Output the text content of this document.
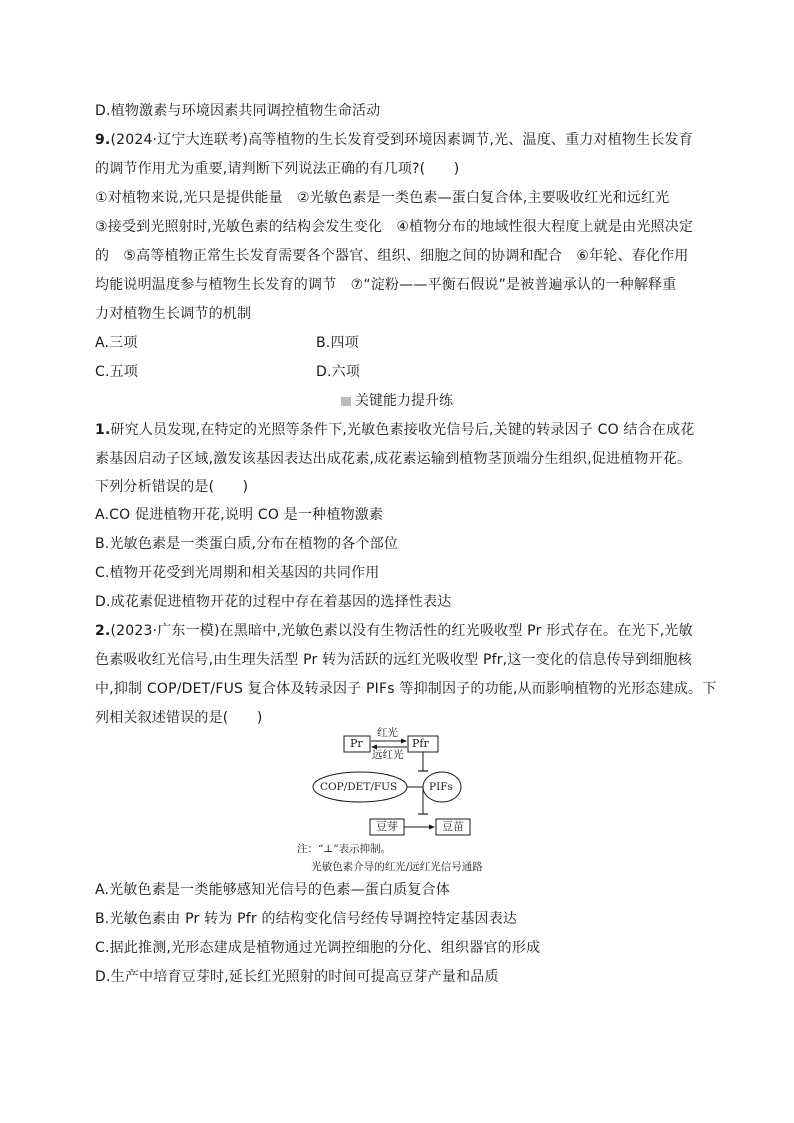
D.植物激素与环境因素共同调控植物生命活动
9.(2024·辽宁大连联考)高等植物的生长发育受到环境因素调节,光、温度、重力对植物生长发育
的调节作用尤为重要,请判断下列说法正确的有几项?(　　)
①对植物来说,光只是提供能量　②光敏色素是一类色素—蛋白复合体,主要吸收红光和远红光
③接受到光照射时,光敏色素的结构会发生变化　④植物分布的地域性很大程度上就是由光照决定
的　⑤高等植物正常生长发育需要各个器官、组织、细胞之间的协调和配合　⑥年轮、春化作用
均能说明温度参与植物生长发育的调节　⑦“淀粉——平衡石假说”是被普遍承认的一种解释重
力对植物生长调节的机制
A.三项	B.四项
C.五项	D.六项
关键能力提升练
1.研究人员发现,在特定的光照等条件下,光敏色素接收光信号后,关键的转录因子 CO 结合在成花
素基因启动子区域,激发该基因表达出成花素,成花素运输到植物茎顶端分生组织,促进植物开花。
下列分析错误的是(　　)
A.CO 促进植物开花,说明 CO 是一种植物激素
B.光敏色素是一类蛋白质,分布在植物的各个部位
C.植物开花受到光周期和相关基因的共同作用
D.成花素促进植物开花的过程中存在着基因的选择性表达
2.(2023·广东一模)在黑暗中,光敏色素以没有生物活性的红光吸收型 Pr 形式存在。在光下,光敏
色素吸收红光信号,由生理失活型 Pr 转为活跃的远红光吸收型 Pfr,这一变化的信息传导到细胞核
中,抑制 COP/DET/FUS 复合体及转录因子 PIFs 等抑制因子的功能,从而影响植物的光形态建成。下
列相关叙述错误的是(　　)
Pr	Pfr
红光
远红光
COP/DET/FUS	PIFs
豆芽	豆苗
注：“⊥”表示抑制。
光敏色素介导的红光/远红光信号通路
A.光敏色素是一类能够感知光信号的色素—蛋白质复合体
B.光敏色素由 Pr 转为 Pfr 的结构变化信号经传导调控特定基因表达
C.据此推测,光形态建成是植物通过光调控细胞的分化、组织器官的形成
D.生产中培育豆芽时,延长红光照射的时间可提高豆芽产量和品质
